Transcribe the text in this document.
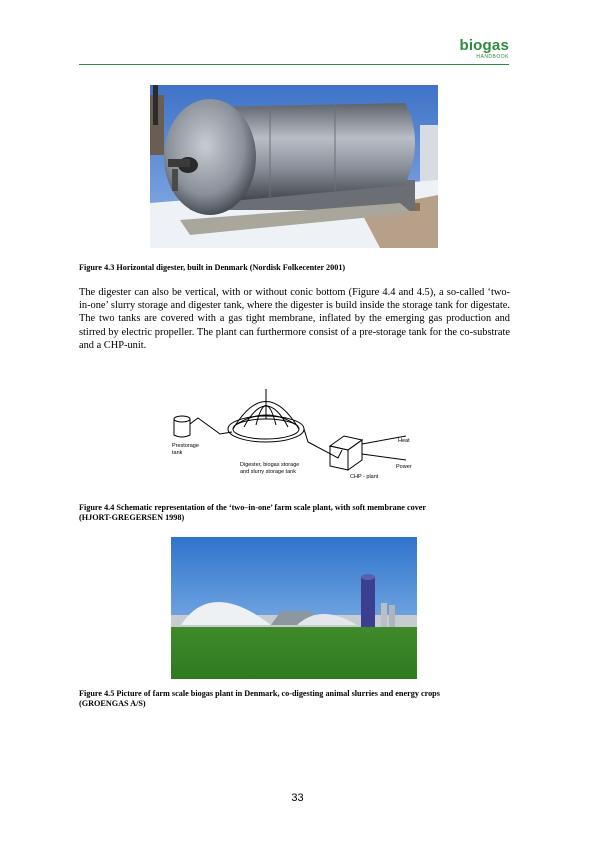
biogas
HANDBOOK
Figure 4.3 Horizontal digester, built in Denmark (Nordisk Folkecenter 2001)

The digester can also be vertical, with or without conic bottom (Figure 4.4 and 4.5), a so-called ‘two-in-one’ slurry storage and digester tank, where the digester is build inside the storage tank for digestate. The two tanks are covered with a gas tight membrane, inflated by the emerging gas production and stirred by electric propeller. The plant can furthermore consist of a pre-storage tank for the co-substrate and a CHP-unit.

Prestorage
tank
Digester, biogas storage
and slurry storage tank
CHP - plant
Heat
Power
Figure 4.4 Schematic representation of the ‘two–in-one’ farm scale plant, with soft membrane cover
(HJORT-GREGERSEN 1998)
Figure 4.5 Picture of farm scale biogas plant in Denmark, co-digesting animal slurries and energy crops
(GROENGAS A/S)
33
